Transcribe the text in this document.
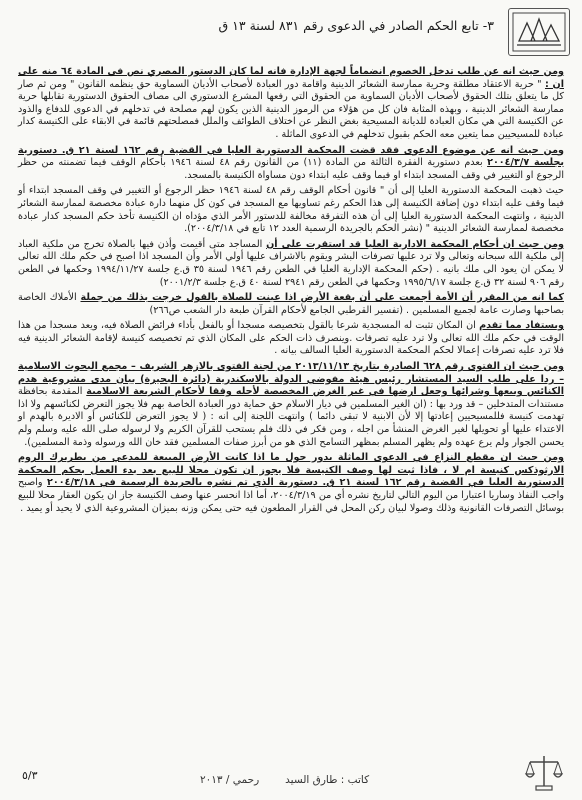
٣- تابع الحكم الصادر في الدعوى رقم ٨٣١ لسنة ١٣ ق

ومن حيث انه عن طلب تدخل الخصوم انضماماً لجهة الإدارة فانه لما كان الدستور المصري نص في المادة ٦٤ منه على ان : " حرية الاعتقاد مطلقة وحرية ممارسة الشعائر الدينية واقامة دور العبادة لأصحاب الأديان السماوية حق ينظمه القانون " ومن ثم صار كل ما يتعلق بتلك الحقوق لأصحاب الأديان السماوية من الحقوق التي رفعها المشرع الدستوري الى مصاف الحقوق الدستورية تقابلها حرية ممارسة الشعائر الدينية ، وبهذه المثابة فان كل من هؤلاء من الرموز الدينية الذين يكون لهم مصلحة في تدخلهم في الدعوى للدفاع والذود عن الكنيسة التي هي مكان العبادة للديانة المسيحية بغض النظر عن اختلاف الطوائف والملل فمصلحتهم قائمة في الابقاء على الكنيسة كدار عبادة للمسيحيين مما يتعين معه الحكم بقبول تدخلهم في الدعوى الماثلة .

ومن حيث انه عن موضوع الدعوى فقد قضت المحكمة الدستورية العليا في القضية رقم ١٦٢ لسنة ٢١ ق. دستورية بجلسة ٢٠٠٤/٣/٧ بعدم دستورية الفقرة الثالثة من المادة (١١) من القانون رقم ٤٨ لسنة ١٩٤٦ بأحكام الوقف فيما تضمنته من حظر الرجوع او التغيير في وقف المسجد ابتداء او فيما وقف عليه ابتداء دون مساواة الكنيسة بالمسجد.

حيث ذهبت المحكمة الدستورية العليا إلى أن " قانون أحكام الوقف رقم ٤٨ لسنة ١٩٤٦ حظر الرجوع أو التغيير في وقف المسجد ابتداء أو فيما وقف عليه ابتداء دون إضافة الكنيسة إلى هذا الحكم رغم تساويها مع المسجد في كون كل منهما دارة عبادة مخصصة لممارسة الشعائر الدينية ، وانتهت المحكمة الدستورية العليا إلى أن هذه التفرقة مخالفة للدستور الأمر الذي مؤداه ان الكنيسة تأخذ حكم المسجد كدار عبادة مخصصة لممارسة الشعائر الدينية " (نشر الحكم بالجريدة الرسمية العدد ١٢ تابع في ٢٠٠٤/٣/١٨).

ومن حيث ان أحكام المحكمة الادارية العليا قد استقرت على أن المساجد متى أقيمت وأذن فيها بالصلاة تخرج من ملكية العباد إلى ملكية الله سبحانه وتعالى ولا ترد عليها تصرفات البشر ويقوم بالاشراف عليها أولي الأمر وأن المسجد اذا اصبح في حكم ملك الله تعالى لا يمكن ان يعود الى ملك بانيه . (حكم المحكمة الإدارية العليا في الطعن رقم ١٩٤٦ لسنة ٣٥ ق.ع جلسة ١٩٩٤/١١/٢٧ وحكمها في الطعن رقم ٩٠٦ لسنة ٣٢ ق.ع جلسة ١٩٩٥/٦/١٧ وحكمها في الطعن رقم ٢٩٤١ لسنة ٤٠ ق.ع جلسة ٢٠٠١/٢/٣)

كما انه من المقرر أن الأمة أجمعت على أن بقعة الأرض اذا عينت للصلاة بالقول خرجت بذلك من جملة الأملاك الخاصة بصاحبها وصارت عامة لجميع المسلمين . (تفسير القرطبي الجامع لأحكام القرآن طبعة دار الشعب ص٢٦٦)

ويستفاد مما تقدم ان المكان تثبت له المسجدية شرعا بالقول بتخصيصه مسجدا أو بالفعل بأداء فرائض الصلاة فيه، ويعد مسجدا من هذا الوقت في حكم ملك الله تعالى ولا ترد عليه تصرفات .وينصرف ذات الحكم على المكان الذي تم تخصيصه كنيسة لإقامة الشعائر الدينية فيه فلا ترد عليه تصرفات إعمالا لحكم المحكمة الدستورية العليا السالف بيانه .

ومن حيث ان الفتوى رقم ٦٢٨ الصادرة بتاريخ ٢٠١٣/١١/١٣ من لجنة الفتوى بالازهر الشريف – مجمع البحوث الاسلامية – ردا على طلب السيد المستشار رئيس هيئة مفوضي الدولة بالاسكندرية (دائرة البحيرة) بيان مدى مشروعية هدم الكنائس وبيعها وشرائها وجعل ارضها في غير الغرض المخصصة لأجله وفقا لأحكام الشريعة الاسلامية المقدمة بحافظة مستندات المتدخلين – قد ورد بها : (ان الغير المسلمين في ديار الاسلام حق حماية دور العبادة الخاصة بهم فلا يجوز التعرض لكنائسهم ولا اذا تهدمت كنيسة فللمسيحيين إعادتها إلا لأن الابنية لا تبقى دائما ) وانتهت اللجنة إلى انه : ( لا يجوز التعرض للكنائس أو الاديرة بالهدم او الاعتداء عليها أو تحويلها لغير الغرض المنشأ من اجله ، ومن فكر في ذلك فلم يستحب للقرآن الكريم ولا لرسوله صلى الله عليه وسلم ولم يحسن الجوار ولم يرع عهده ولم يظهر المسلم بمظهر التسامح الذي هو من أبرز صفات المسلمين فقد خان الله ورسوله وذمة المسلمين).

ومن حيث ان مقطع النزاع في الدعوى الماثلة يدور حول ما اذا كانت الأرض المبيعة للمدعي من بطريرك الروم الارثوذكس كنيسة ام لا ، فاذا ثبت لها وصف الكنيسة فلا يجوز ان تكون محلا للبيع بعد بدء العمل بحكم المحكمة الدستورية العليا في القضية رقم ١٦٢ لسنة ٢١ ق. دستورية الذي تم نشره بالجريدة الرسمية في ٢٠٠٤/٣/١٨ واصبح واجب النفاذ وساريا اعتبارا من اليوم التالي لتاريخ نشره أي من ٢٠٠٤/٣/١٩، أما اذا انحسر عنها وصف الكنيسة جاز ان يكون العقار محلا للبيع بوسائل التصرفات القانونية وذلك وصولا لبيان ركن المحل في القرار المطعون فيه حتى يمكن وزنه بميزان المشروعية الذي لا يحيد أو يميد .

٥/٣	كاتب : طارق السيد
رحمي / ٢٠١٣
